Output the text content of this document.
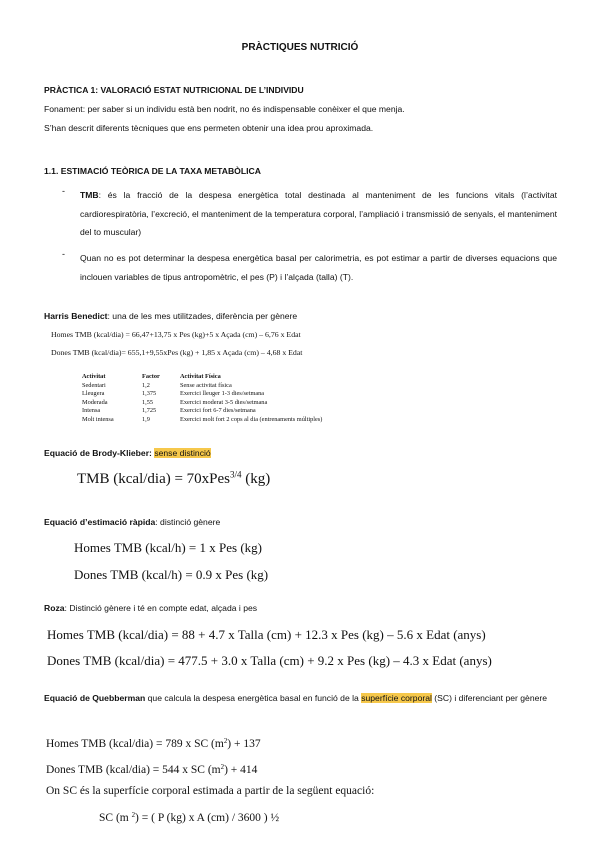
PRÀCTIQUES NUTRICIÓ
PRÀCTICA 1: VALORACIÓ ESTAT NUTRICIONAL DE L’INDIVIDU
Fonament: per saber si un individu està ben nodrit, no és indispensable conèixer el que menja.
S’han descrit diferents tècniques que ens permeten obtenir una idea prou aproximada.
1.1. ESTIMACIÓ TEÒRICA DE LA TAXA METABÒLICA
- TMB: és la fracció de la despesa energètica total destinada al manteniment de les funcions vitals (l’activitat cardiorespiratòria, l’excreció, el manteniment de la temperatura corporal, l’ampliació i transmissió de senyals, el manteniment del to muscular)
- Quan no es pot determinar la despesa energètica basal per calorimetria, es pot estimar a partir de diverses equacions que inclouen variables de tipus antropomètric, el pes (P) i l’alçada (talla) (T).
Harris Benedict: una de les mes utilitzades, diferència per gènere
Homes TMB (kcal/dia) = 66,47+13,75 x Pes (kg)+5 x Açada (cm) – 6,76 x Edat
Dones TMB (kcal/dia)= 655,1+9,55xPes (kg) + 1,85 x Açada (cm) – 4,68 x Edat
Activitat	Factor	Activitat Física
Sedentari	1,2	Sense activitat física
Lleugera	1,375	Exercici lleuger 1-3 dies/setmana
Moderada	1,55	Exercici moderat 3-5 dies/setmana
Intensa	1,725	Exercici fort 6-7 dies/setmana
Molt intensa	1,9	Exercici molt fort 2 cops al dia (entrenaments múltiples)
Equació de Brody-Klieber: sense distinció
TMB (kcal/dia) = 70xPes$^{3/4}$ (kg)
Equació d’estimació ràpida: distinció gènere
Homes TMB (kcal/h) = 1 x Pes (kg)
Dones TMB (kcal/h) = 0.9 x Pes (kg)
Roza: Distinció gènere i té en compte edat, alçada i pes
Homes TMB (kcal/dia) = 88 + 4.7 x Talla (cm) + 12.3 x Pes (kg) – 5.6 x Edat (anys)
Dones TMB (kcal/dia) = 477.5 + 3.0 x Talla (cm) + 9.2 x Pes (kg) – 4.3 x Edat (anys)
Equació de Quebberman que calcula la despesa energètica basal en funció de la superfície corporal (SC) i diferenciant per gènere
Homes TMB (kcal/dia) = 789 x SC $(m^2) + 137$
Dones TMB (kcal/dia) = 544 x SC $(m^2) + 414$
On SC és la superfície corporal estimada a partir de la següent equació:
SC (m $^2$) = ( P (kg) x A (cm) / 3600 ) ½
